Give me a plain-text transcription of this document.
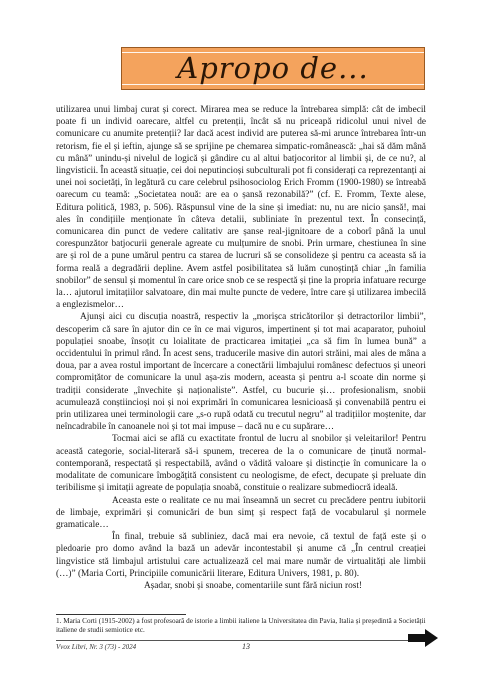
Apropo de...

utilizarea unui limbaj curat și corect. Mirarea mea se reduce la întrebarea simplă: cât de imbecil poate fi un individ oarecare, altfel cu pretenții, încât să nu priceapă ridicolul unui nivel de comunicare cu anumite pretenții? Iar dacă acest individ are puterea să-mi arunce întrebarea într-un retorism, fie el și ieftin, ajunge să se sprijine pe chemarea simpatic-românească: „hai să dăm mână cu mână” unindu-și nivelul de logică și gândire cu al altui batjocoritor al limbii și, de ce nu?, al lingvisticii. În această situație, cei doi neputincioși subculturali pot fi considerați ca reprezentanți ai unei noi societăți, în legătură cu care celebrul psihosociolog Erich Fromm (1900-1980) se întreabă oarecum cu teamă: „Societatea nouă: are ea o șansă rezonabilă?” (cf. E. Fromm, Texte alese, Editura politică, 1983, p. 506). Răspunsul vine de la sine și imediat: nu, nu are nicio șansă!, mai ales în condițiile menționate în câteva detalii, subliniate în prezentul text. În consecință, comunicarea din punct de vedere calitativ are șanse real-jignitoare de a coborî până la unul corespunzător batjocurii generale agreate cu mulțumire de snobi. Prin urmare, chestiunea în sine are și rol de a pune umărul pentru ca starea de lucruri să se consolideze și pentru ca aceasta să ia forma reală a degradării depline. Avem astfel posibilitatea să luăm cunoștință chiar „în familia snobilor” de sensul și momentul în care orice snob ce se respectă și ține la propria infatuare recurge la… ajutorul imitațiilor salvatoare, din mai multe puncte de vedere, între care și utilizarea imbecilă a englezismelor…

Ajunși aici cu discuția noastră, respectiv la „morișca stricătorilor și detractorilor limbii”, descoperim că sare în ajutor din ce în ce mai viguros, impertinent și tot mai acaparator, puhoiul populației snoabe, însoțit cu loialitate de practicarea imitației „ca să fim în lumea bună” a occidentului în primul rând. În acest sens, traducerile masive din autori străini, mai ales de mâna a doua, par a avea rostul important de încercare a conectării limbajului românesc defectuos și uneori compromițător de comunicare la unul așa-zis modern, aceasta și pentru a-l scoate din norme și tradiții considerate „învechite și naționaliste”. Astfel, cu bucurie și… profesionalism, snobii acumulează conștiincioși noi și noi exprimări în comunicarea lesnicioasă și convenabilă pentru ei prin utilizarea unei terminologii care „s-o rupă odată cu trecutul negru” al tradițiilor moștenite, dar neîncadrabile în canoanele noi și tot mai impuse – dacă nu e cu supărare…

Tocmai aici se află cu exactitate frontul de lucru al snobilor și veleitarilor! Pentru această categorie, social-literară să-i spunem, trecerea de la o comunicare de ținută normal-contemporană, respectată și respectabilă, având o vădită valoare și distincție în comunicare la o modalitate de comunicare îmbogățită consistent cu neologisme, de efect, decupate și preluate din teribilisme și imitații agreate de populația snoabă, constituie o realizare submediocră ideală.

Aceasta este o realitate ce nu mai înseamnă un secret cu precădere pentru iubitorii de limbaje, exprimări și comunicări de bun simț și respect față de vocabularul și normele gramaticale…

În final, trebuie să subliniez, dacă mai era nevoie, că textul de față este și o pledoarie pro domo având la bază un adevăr incontestabil și anume că „În centrul creației lingvistice stă limbajul artistului care actualizează cel mai mare număr de virtualități ale limbii (…)” (Maria Corti, Principiile comunicării literare, Editura Univers, 1981, p. 80).

Așadar, snobi și snoabe, comentariile sunt fără niciun rost!

1. Maria Corti (1915-2002) a fost profesoară de istorie a limbii italiene la Universitatea din Pavia, Italia și președintă a Societății italiene de studii semiotice etc.
Vvox Libri, Nr. 3 (73) - 2024	13
